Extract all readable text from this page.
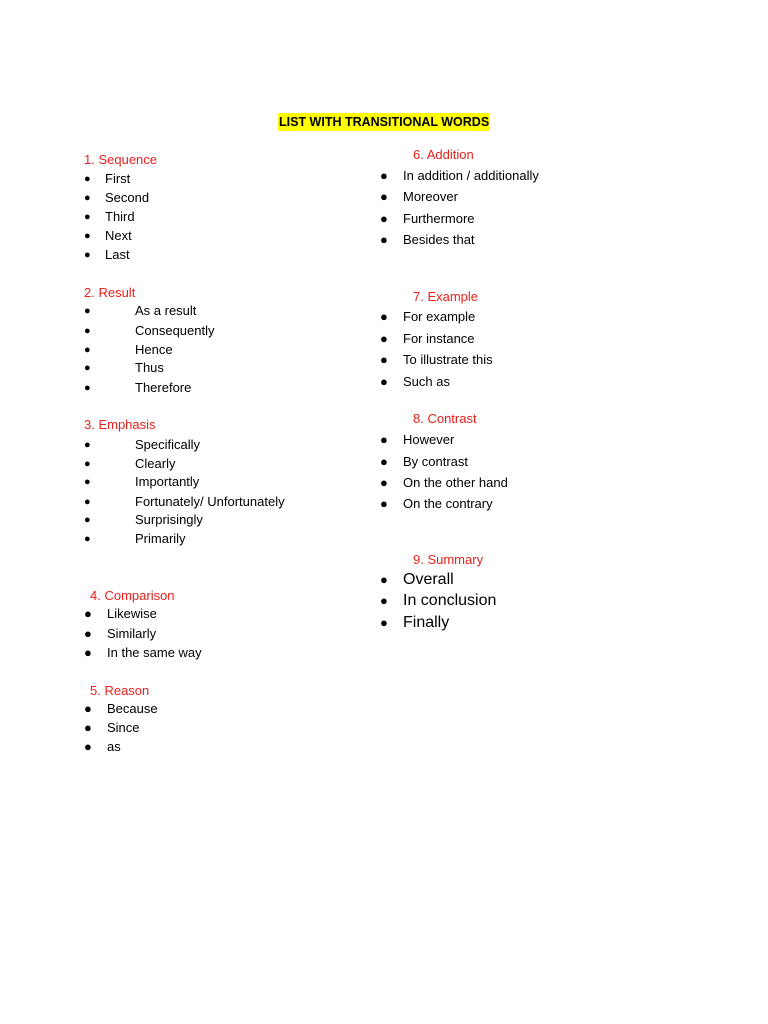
LIST WITH TRANSITIONAL WORDS
1. Sequence
● First
● Second
● Third
● Next
● Last
2. Result
●	As a result
●	Consequently
●	Hence
●	Thus
●	Therefore
3. Emphasis
●	Specifically
●	Clearly
●	Importantly
●	Fortunately/ Unfortunately
●	Surprisingly
●	Primarily
4. Comparison
● Likewise
● Similarly
● In the same way
5. Reason
● Because
● Since
● as
6. Addition
● In addition / additionally
● Moreover
● Furthermore
● Besides that
7. Example
● For example
● For instance
● To illustrate this
● Such as
8. Contrast
● However
● By contrast
● On the other hand
● On the contrary
9. Summary
● Overall
● In conclusion
● Finally
